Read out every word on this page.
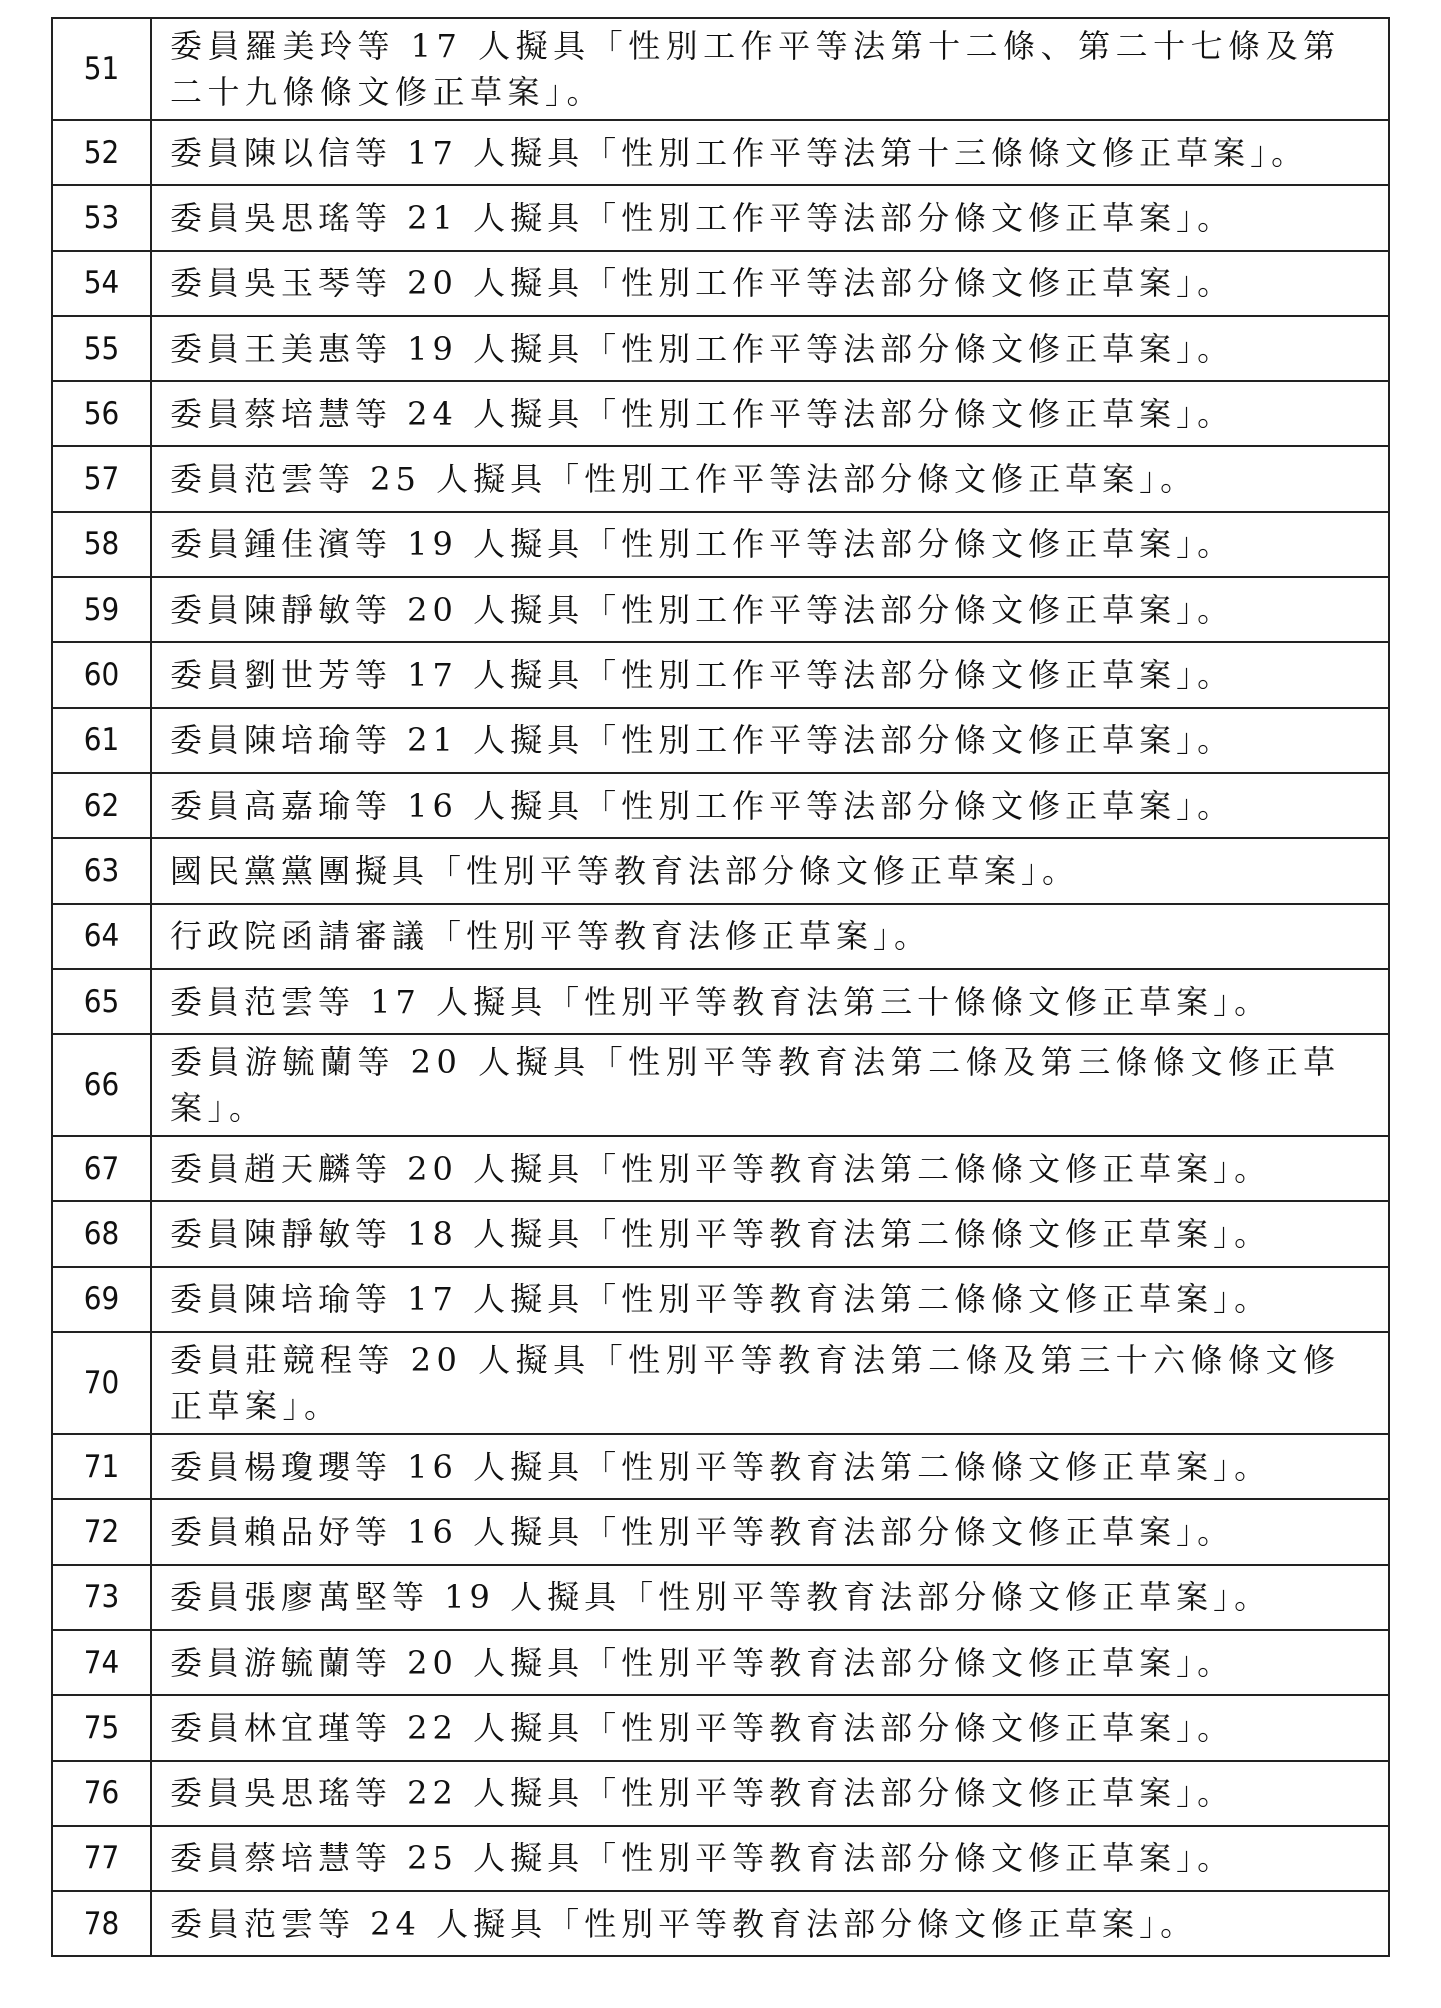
51	委員羅美玲等 17 人擬具「性別工作平等法第十二條、第二十七條及第二十九條條文修正草案」。
52	委員陳以信等 17 人擬具「性別工作平等法第十三條條文修正草案」。
53	委員吳思瑤等 21 人擬具「性別工作平等法部分條文修正草案」。
54	委員吳玉琴等 20 人擬具「性別工作平等法部分條文修正草案」。
55	委員王美惠等 19 人擬具「性別工作平等法部分條文修正草案」。
56	委員蔡培慧等 24 人擬具「性別工作平等法部分條文修正草案」。
57	委員范雲等 25 人擬具「性別工作平等法部分條文修正草案」。
58	委員鍾佳濱等 19 人擬具「性別工作平等法部分條文修正草案」。
59	委員陳靜敏等 20 人擬具「性別工作平等法部分條文修正草案」。
60	委員劉世芳等 17 人擬具「性別工作平等法部分條文修正草案」。
61	委員陳培瑜等 21 人擬具「性別工作平等法部分條文修正草案」。
62	委員高嘉瑜等 16 人擬具「性別工作平等法部分條文修正草案」。
63	國民黨黨團擬具「性別平等教育法部分條文修正草案」。
64	行政院函請審議「性別平等教育法修正草案」。
65	委員范雲等 17 人擬具「性別平等教育法第三十條條文修正草案」。
66	委員游毓蘭等 20 人擬具「性別平等教育法第二條及第三條條文修正草案」。
67	委員趙天麟等 20 人擬具「性別平等教育法第二條條文修正草案」。
68	委員陳靜敏等 18 人擬具「性別平等教育法第二條條文修正草案」。
69	委員陳培瑜等 17 人擬具「性別平等教育法第二條條文修正草案」。
70	委員莊競程等 20 人擬具「性別平等教育法第二條及第三十六條條文修正草案」。
71	委員楊瓊瓔等 16 人擬具「性別平等教育法第二條條文修正草案」。
72	委員賴品妤等 16 人擬具「性別平等教育法部分條文修正草案」。
73	委員張廖萬堅等 19 人擬具「性別平等教育法部分條文修正草案」。
74	委員游毓蘭等 20 人擬具「性別平等教育法部分條文修正草案」。
75	委員林宜瑾等 22 人擬具「性別平等教育法部分條文修正草案」。
76	委員吳思瑤等 22 人擬具「性別平等教育法部分條文修正草案」。
77	委員蔡培慧等 25 人擬具「性別平等教育法部分條文修正草案」。
78	委員范雲等 24 人擬具「性別平等教育法部分條文修正草案」。
